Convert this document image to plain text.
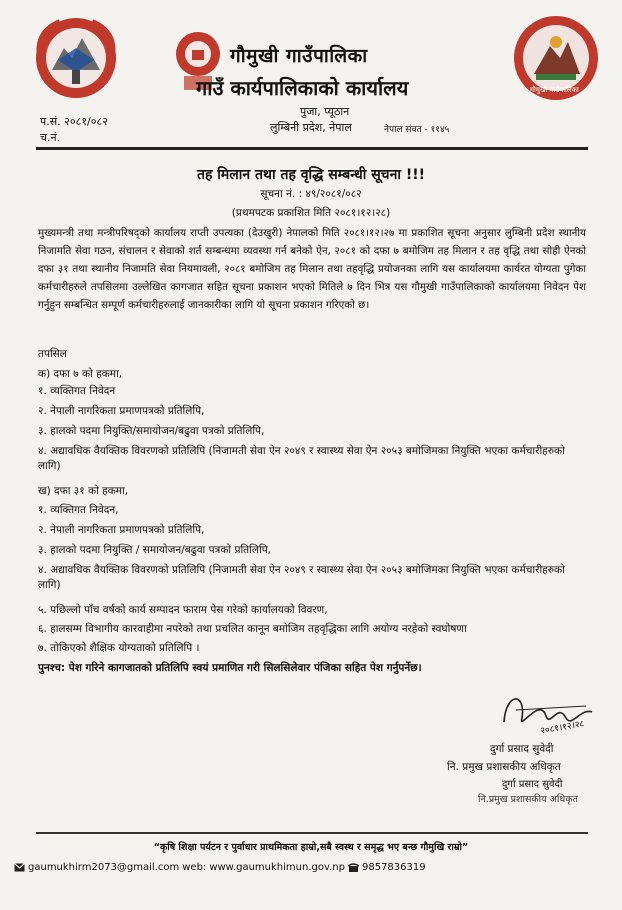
गौमुखी गाउँपालिका
गौमुखी गाउँपालिका
गाउँ कार्यपालिकाको कार्यालय
पुजा, प्यूठान
लुम्बिनी प्रदेश, नेपाल	नेपाल संवत - ११४५
प.सं. २०८१/०८२
च.नं.
तह मिलान तथा तह वृद्धि सम्बन्धी सूचना !!!
सूचना नं. : ४९/२०८१/०८२
(प्रथमपटक प्रकाशित मिति २०८१।१२।२८)
मुख्यमन्त्री तथा मन्त्रीपरिषद्‌को कार्यालय राप्ती उपत्यका (देउखुरी) नेपालको मिति २०८१।१२।२७ मा प्रकाशित सूचना अनुसार लुम्बिनी प्रदेश स्थानीय निजामति सेवा गठन, संचालन र सेवाको शर्त सम्बन्धमा व्यवस्था गर्न बनेको ऐन, २०८१ को दफा ७ बमोजिम तह मिलान र तह वृद्धि तथा सोही ऐनको दफा ३१ तथा स्थानीय निजामति सेवा नियमावली, २०८१ बमोजिम तह मिलान तथा तहवृद्धि प्रयोजनका लागि यस कार्यालयमा कार्यरत योग्यता पुगेका कर्मचारीहरुले तपसिलमा उल्लेखित कागजात सहित सूचना प्रकाशन भएको मितिले ७ दिन भित्र यस गौमुखी गाउँपालिकाको कार्यालयमा निवेदन पेश गर्नुहुन सम्बन्धित सम्पूर्ण कर्मचारीहरुलाई जानकारीका लागि यो सूचना प्रकाशन गरिएको छ।
तपसिल
क) दफा ७ को हकमा,
१. व्यक्तिगत निवेदन
२. नेपाली नागरिकता प्रमाणपत्रको प्रतिलिपि,
३. हालको पदमा नियुक्ति/समायोजन/बढुवा पत्रको प्रतिलिपि,
४. अद्यावधिक वैयक्तिक विवरणको प्रतिलिपि (निजामती सेवा ऐन २०४९ र स्वास्थ्य सेवा ऐन २०५३ बमोजिमका नियुक्ति भएका कर्मचारीहरुको लागि)
ख) दफा ३१ को हकमा,
१. व्यक्तिगत निवेदन,
२. नेपाली नागरिकता प्रमाणपत्रको प्रतिलिपि,
३. हालको पदमा नियुक्ति / समायोजन/बढुवा पत्रको प्रतिलिपि,
४. अद्यावधिक वैयक्तिक विवरणको प्रतिलिपि (निजामती सेवा ऐन २०४९ र स्वास्थ्य सेवा ऐन २०५३ बमोजिमका नियुक्ति भएका कर्मचारीहरुको लागि)
५. पछिल्लो पाँच वर्षको कार्य सम्पादन फाराम पेस गरेको कार्यालयको विवरण,
६. हालसम्म विभागीय कारवाहीमा नपरेको तथा प्रचलित कानून बमोजिम तहवृद्धिका लागि अयोग्य नरहेको स्वघोषणा
७. तोकिएको शैक्षिक योग्यताको प्रतिलिपि ।
पुनश्च: पेश गरिने कागजातको प्रतिलिपि स्वयं प्रमाणित गरी सिलसिलेवार पंजिका सहित पेश गर्नुपर्नेछ।
२०८१।१२।२८
दुर्गा प्रसाद सुवेदी
नि. प्रमुख प्रशासकीय अधिकृत
दुर्गा प्रसाद सुवेदी
नि.प्रमुख प्रशासकीय अधिकृत
“कृषि शिक्षा पर्यटन र पुर्वाधार प्राथमिकता हाम्रो,सबै स्वस्थ र समृद्ध भए बन्छ गौमुखि राम्रो”
gaumukhirm2073@gmail.com web: www.gaumukhimun.gov.np 9857836319
